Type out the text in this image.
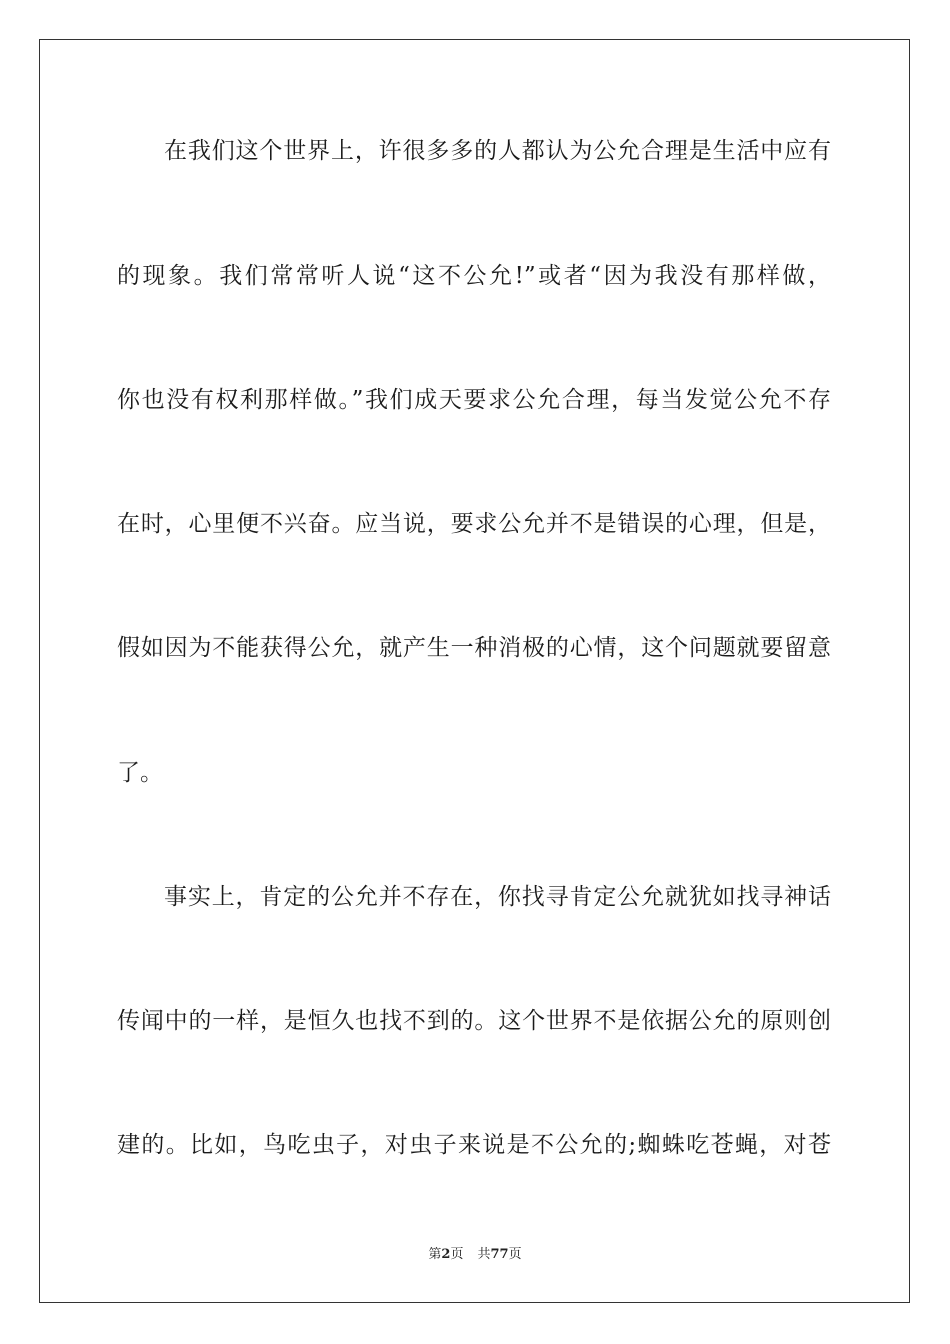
在我们这个世界上，许很多多的人都认为公允合理是生活中应有
的现象。我们常常听人说“这不公允!”或者“因为我没有那样做，
你也没有权利那样做。”我们成天要求公允合理，每当发觉公允不存
在时，心里便不兴奋。应当说，要求公允并不是错误的心理，但是，
假如因为不能获得公允，就产生一种消极的心情，这个问题就要留意
了。
事实上，肯定的公允并不存在，你找寻肯定公允就犹如找寻神话
传闻中的一样，是恒久也找不到的。这个世界不是依据公允的原则创
建的。比如，鸟吃虫子，对虫子来说是不公允的;蜘蛛吃苍蝇，对苍
第2页 共77页
